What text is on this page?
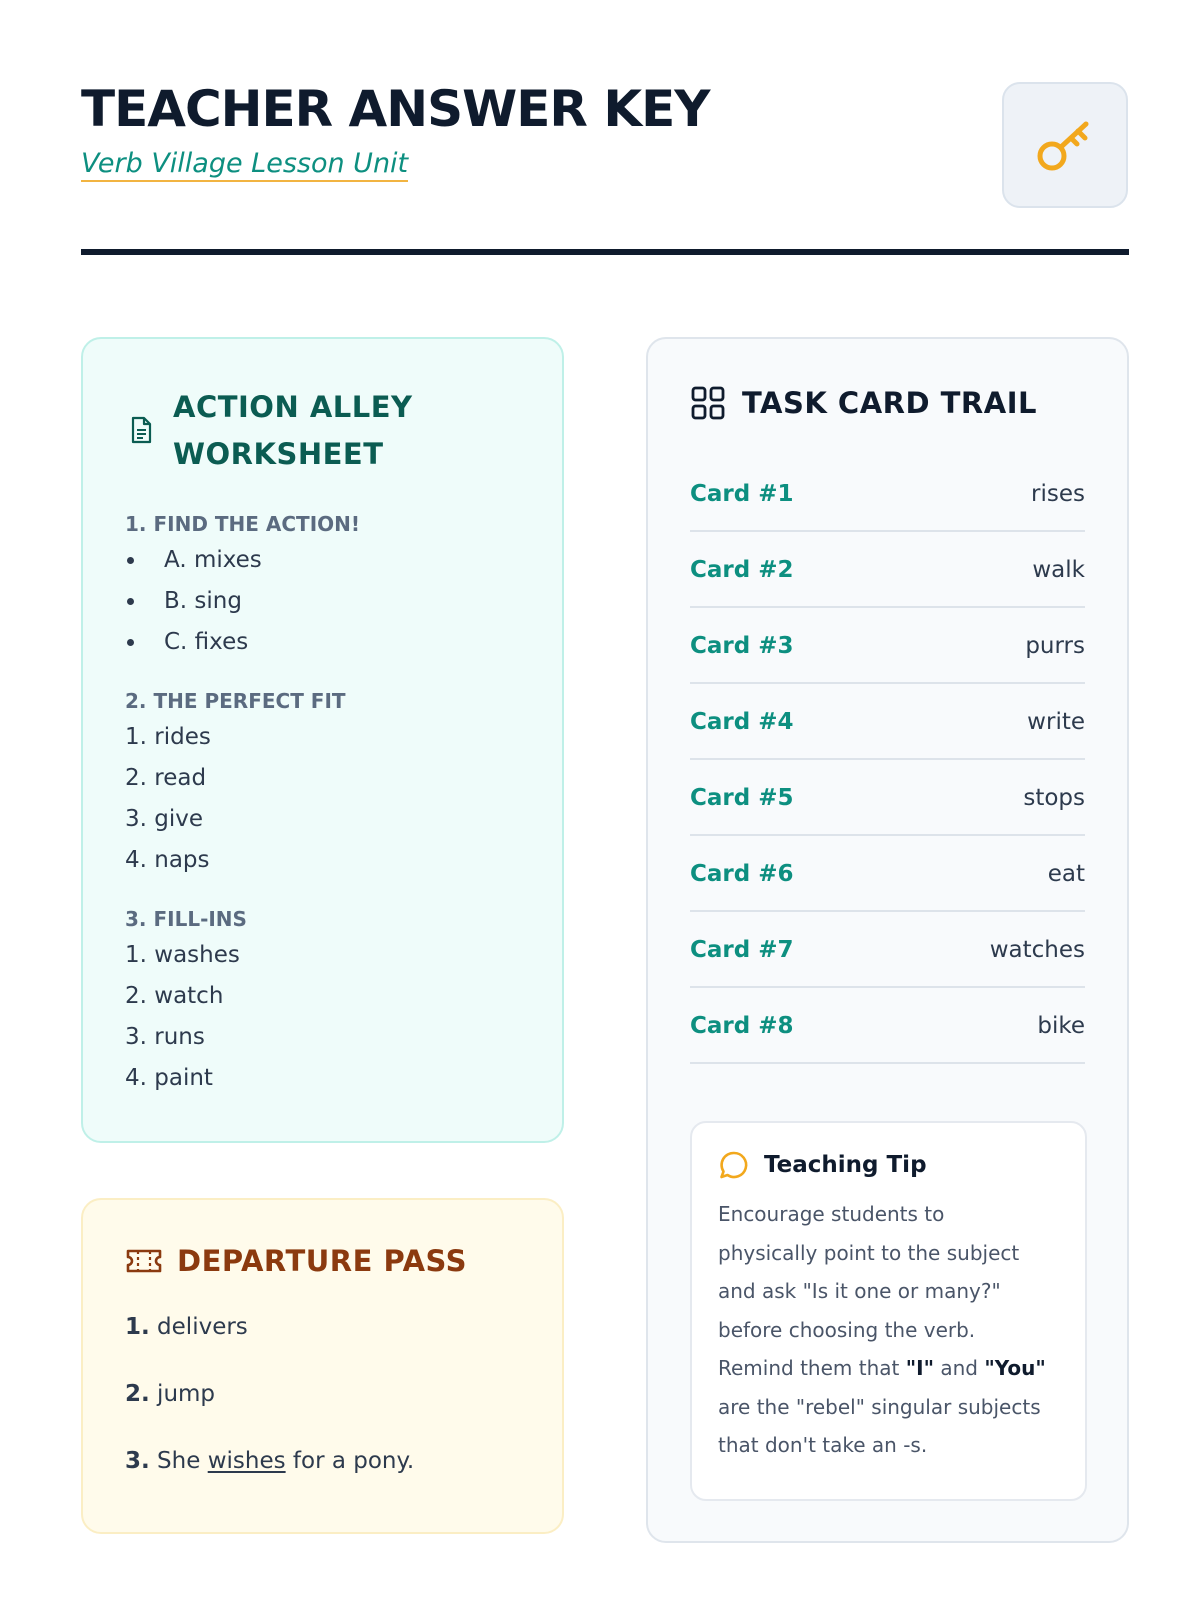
TEACHER ANSWER KEY
Verb Village Lesson Unit
ACTION ALLEY
WORKSHEET
1. FIND THE ACTION!
A. mixes
B. sing
C. fixes
2. THE PERFECT FIT
1. rides
2. read
3. give
4. naps
3. FILL-INS
1. washes
2. watch
3. runs
4. paint
DEPARTURE PASS
1. delivers
2. jump
3. She wishes for a pony.
TASK CARD TRAIL
Card #1	rises
Card #2	walk
Card #3	purrs
Card #4	write
Card #5	stops
Card #6	eat
Card #7	watches
Card #8	bike
Teaching Tip
Encourage students to
physically point to the subject
and ask "Is it one or many?"
before choosing the verb.
Remind them that "I" and "You"
are the "rebel" singular subjects
that don't take an -s.
